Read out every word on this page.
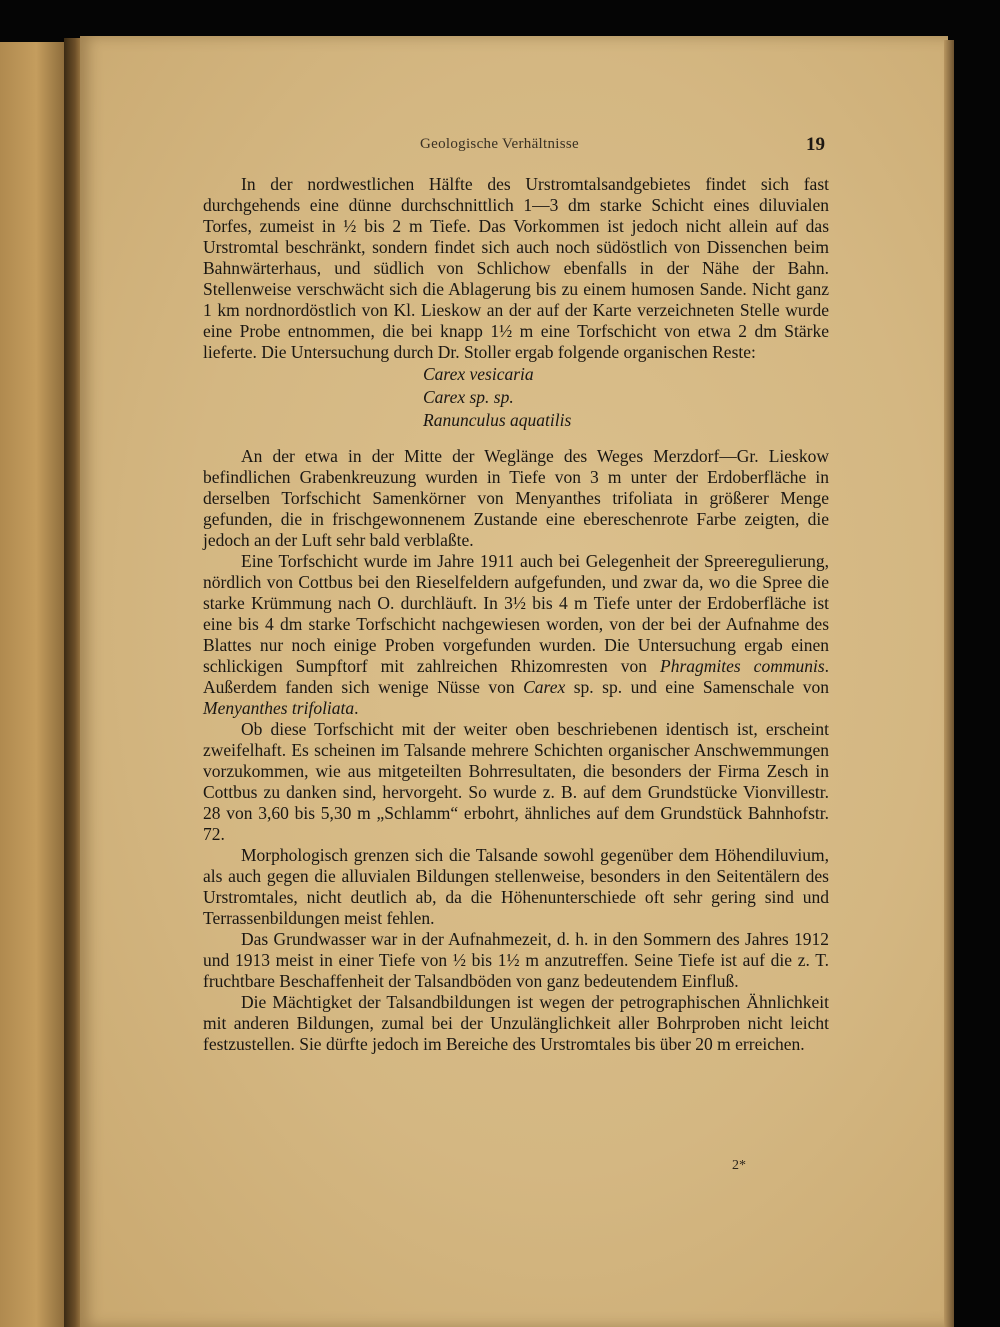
Geologische Verhältnisse	19

In der nordwestlichen Hälfte des Urstromtalsandgebietes findet sich fast durchgehends eine dünne durchschnittlich 1—3 dm starke Schicht eines diluvialen Torfes, zumeist in ½ bis 2 m Tiefe. Das Vorkommen ist jedoch nicht allein auf das Urstromtal beschränkt, sondern findet sich auch noch südöstlich von Dissenchen beim Bahnwärterhaus, und südlich von Schlichow ebenfalls in der Nähe der Bahn. Stellenweise verschwächt sich die Ablagerung bis zu einem humosen Sande. Nicht ganz 1 km nordnordöstlich von Kl. Lieskow an der auf der Karte verzeichneten Stelle wurde eine Probe entnommen, die bei knapp 1½ m eine Torfschicht von etwa 2 dm Stärke lieferte. Die Untersuchung durch Dr. Stoller ergab folgende organischen Reste:

Carex vesicaria
Carex sp. sp.
Ranunculus aquatilis

An der etwa in der Mitte der Weglänge des Weges Merzdorf—Gr. Lieskow befindlichen Grabenkreuzung wurden in Tiefe von 3 m unter der Erdoberfläche in derselben Torfschicht Samenkörner von Menyanthes trifoliata in größerer Menge gefunden, die in frischgewonnenem Zustande eine ebereschenrote Farbe zeigten, die jedoch an der Luft sehr bald verblaßte.

Eine Torfschicht wurde im Jahre 1911 auch bei Gelegenheit der Spreeregulierung, nördlich von Cottbus bei den Rieselfeldern aufgefunden, und zwar da, wo die Spree die starke Krümmung nach O. durchläuft. In 3½ bis 4 m Tiefe unter der Erdoberfläche ist eine bis 4 dm starke Torfschicht nachgewiesen worden, von der bei der Aufnahme des Blattes nur noch einige Proben vorgefunden wurden. Die Untersuchung ergab einen schlickigen Sumpftorf mit zahlreichen Rhizomresten von Phragmites communis. Außerdem fanden sich wenige Nüsse von Carex sp. sp. und eine Samenschale von Menyanthes trifoliata.

Ob diese Torfschicht mit der weiter oben beschriebenen identisch ist, erscheint zweifelhaft. Es scheinen im Talsande mehrere Schichten organischer Anschwemmungen vorzukommen, wie aus mitgeteilten Bohrresultaten, die besonders der Firma Zesch in Cottbus zu danken sind, hervorgeht. So wurde z. B. auf dem Grundstücke Vionvillestr. 28 von 3,60 bis 5,30 m „Schlamm“ erbohrt, ähnliches auf dem Grundstück Bahnhofstr. 72.

Morphologisch grenzen sich die Talsande sowohl gegenüber dem Höhendiluvium, als auch gegen die alluvialen Bildungen stellenweise, besonders in den Seitentälern des Urstromtales, nicht deutlich ab, da die Höhenunterschiede oft sehr gering sind und Terrassenbildungen meist fehlen.

Das Grundwasser war in der Aufnahmezeit, d. h. in den Sommern des Jahres 1912 und 1913 meist in einer Tiefe von ½ bis 1½ m anzutreffen. Seine Tiefe ist auf die z. T. fruchtbare Beschaffenheit der Talsandböden von ganz bedeutendem Einfluß.

Die Mächtigket der Talsandbildungen ist wegen der petrographischen Ähnlichkeit mit anderen Bildungen, zumal bei der Unzulänglichkeit aller Bohrproben nicht leicht festzustellen. Sie dürfte jedoch im Bereiche des Urstromtales bis über 20 m erreichen.

2*
